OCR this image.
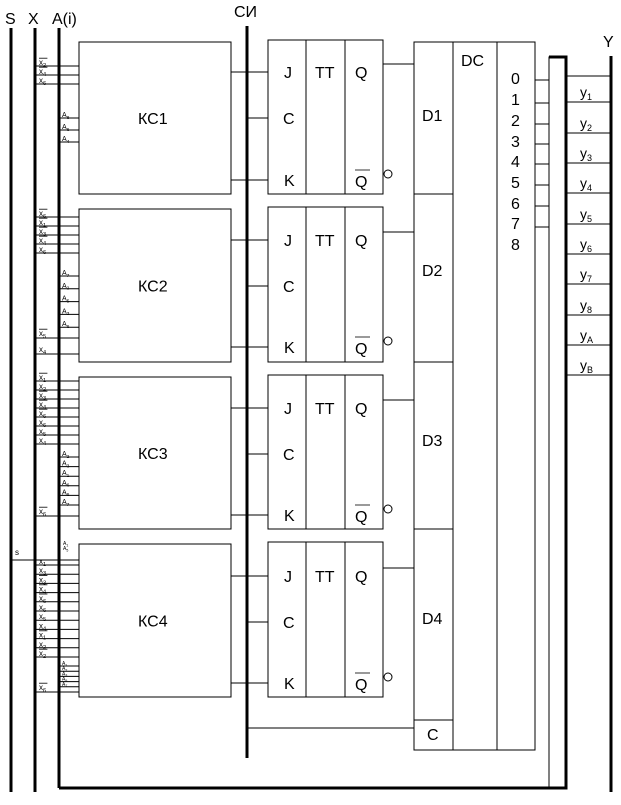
S X A(i)	СИ
Y
DC
D1
D2
D3
D4
C
КС1
J TT
C
K
Q
Q
$x_2$
$x_4$
$x_6$
$A_8$
$A_6$
$A_4$
КС2
J TT
C
K
Q
Q
$x_6$
$x_1$
$x_3$
$x_4$
$x_6$
$A_7$
$A_2$
$A_5$
$A_3$
$A_6$
$x_5$
$x_4$
КС3
J TT
C
K
Q
Q
$x_1$
$x_2$
$x_3$
$x_4$
$x_6$
$x_6$
$x_5$
$x_4$
$A_2$
$A_3$
$A_1$
$A_6$
$A_6$
$A_7$
$x_6$
КС4
J TT
C
K
Q
Q
$A_1$
$A_5$
s
$x_1$
$x_3$
$x_3$
$x_4$
$x_6$
$x_6$
$x_5$
$x_4$
$x_1$
$x_2$
$x_2$
$A_1$
$A_2$
$A_3$
$A_5$
$A_7$
$x_6$
0
1
2
3
4
5
6
7
8
$y_1$
$y_2$
$y_3$
$y_4$
$y_5$
$y_6$
$y_7$
$y_8$
$y_A$
$y_B$
